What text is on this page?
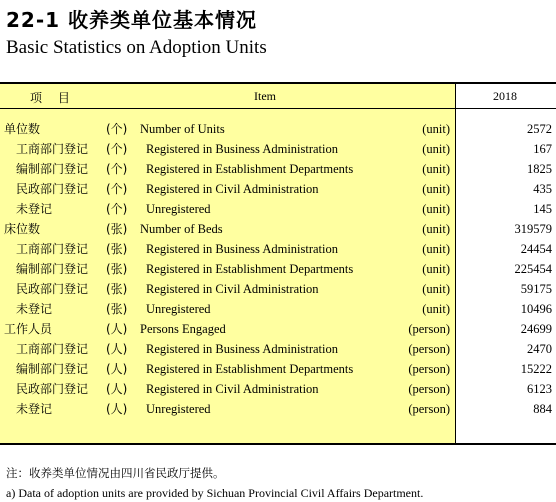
22-1 收养类单位基本情况
Basic Statistics on Adoption Units
项 目	Item	2018
单位数	(个) Number of Units	(unit)	2572
工商部门登记 (个) Registered in Business Administration	(unit)	167
编制部门登记 (个) Registered in Establishment Departments	(unit)	1825
民政部门登记 (个) Registered in Civil Administration	(unit)	435
未登记	(个) Unregistered	(unit)	145
床位数	(张) Number of Beds	(unit)	319579
工商部门登记 (张) Registered in Business Administration	(unit)	24454
编制部门登记 (张) Registered in Establishment Departments	(unit)	225454
民政部门登记 (张) Registered in Civil Administration	(unit)	59175
未登记	(张) Unregistered	(unit)	10496
工作人员	(人) Persons Engaged	(person)	24699
工商部门登记 (人) Registered in Business Administration	(person)	2470
编制部门登记 (人) Registered in Establishment Departments	(person)	15222
民政部门登记 (人) Registered in Civil Administration	(person)	6123
未登记	(人) Unregistered	(person)	884
注：收养类单位情况由四川省民政厅提供。
a) Data of adoption units are provided by Sichuan Provincial Civil Affairs Department.
